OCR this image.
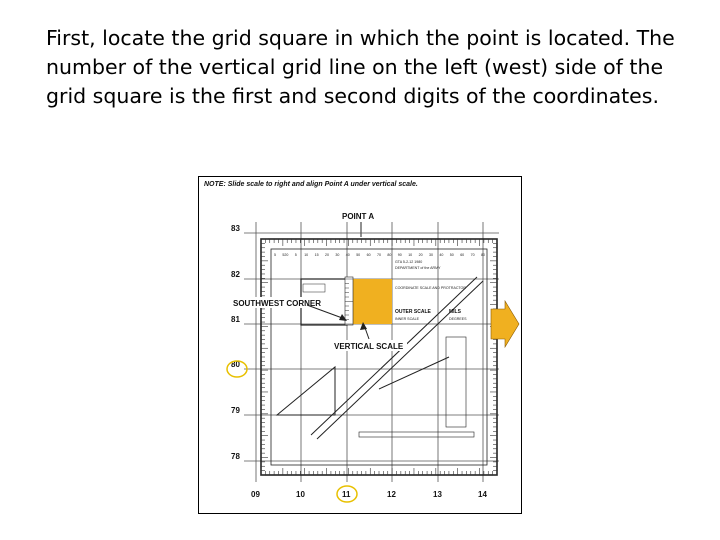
First, locate the grid square in which the point is located. The number of the vertical grid line on the left (west) side of the grid square is the first and second digits of the coordinates.

NOTE: Slide scale to right and align Point A under vertical scale.
POINT A
GTA 5-2-12 1980
DEPARTMENT of the ARMY
COORDINATE SCALE AND PROTRACTOR
OUTER SCALE	MILS
INNER SCALE	DEGREES
5 520 5 10 15 20 30 40 50 60 70 80 90 10 20 30 40 50 60 70 80
SOUTHWEST CORNER
VERTICAL SCALE
83
82
81
80
79
78
09	10	11	12	13	14
